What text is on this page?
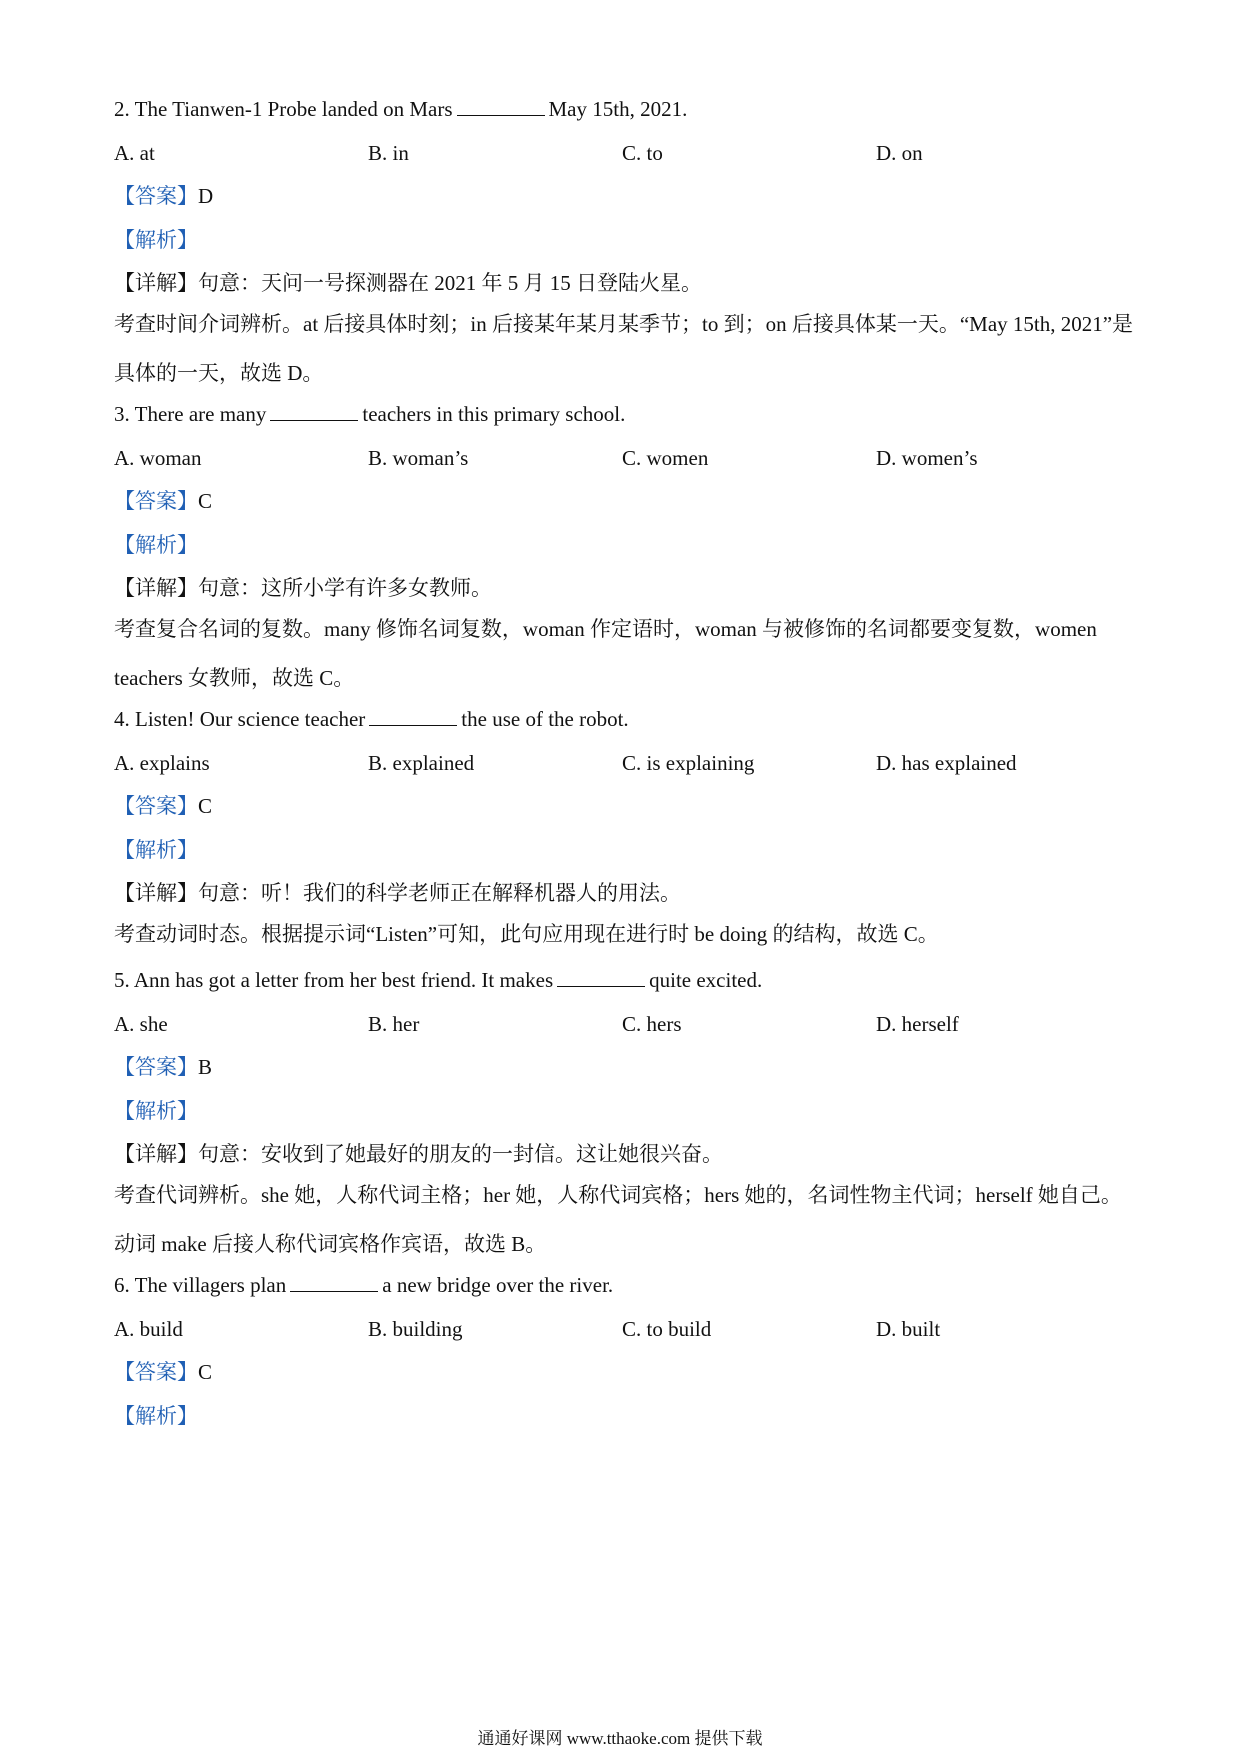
2. The Tianwen-1 Probe landed on Mars	May 15th, 2021.
A. at	B. in	C. to	D. on
【答案】D
【解析】
【详解】句意：天问一号探测器在 2021 年 5 月 15 日登陆火星。
考查时间介词辨析。at 后接具体时刻；in 后接某年某月某季节；to 到；on 后接具体某一天。“May 15th, 2021”是具体的一天，故选 D。
3. There are many	teachers in this primary school.
A. woman	B. woman’s	C. women	D. women’s
【答案】C
【解析】
【详解】句意：这所小学有许多女教师。
考查复合名词的复数。many 修饰名词复数，woman 作定语时，woman 与被修饰的名词都要变复数，women teachers 女教师，故选 C。
4. Listen! Our science teacher	the use of the robot.
A. explains	B. explained	C. is explaining	D. has explained
【答案】C
【解析】
【详解】句意：听！我们的科学老师正在解释机器人的用法。
考查动词时态。根据提示词“Listen”可知，此句应用现在进行时 be doing 的结构，故选 C。
5. Ann has got a letter from her best friend. It makes	quite excited.
A. she	B. her	C. hers	D. herself
【答案】B
【解析】
【详解】句意：安收到了她最好的朋友的一封信。这让她很兴奋。
考查代词辨析。she 她，人称代词主格；her 她，人称代词宾格；hers 她的，名词性物主代词；herself 她自己。动词 make 后接人称代词宾格作宾语，故选 B。
6. The villagers plan	a new bridge over the river.
A. build	B. building	C. to build	D. built
【答案】C
【解析】
通通好课网 www.tthaoke.com 提供下载
